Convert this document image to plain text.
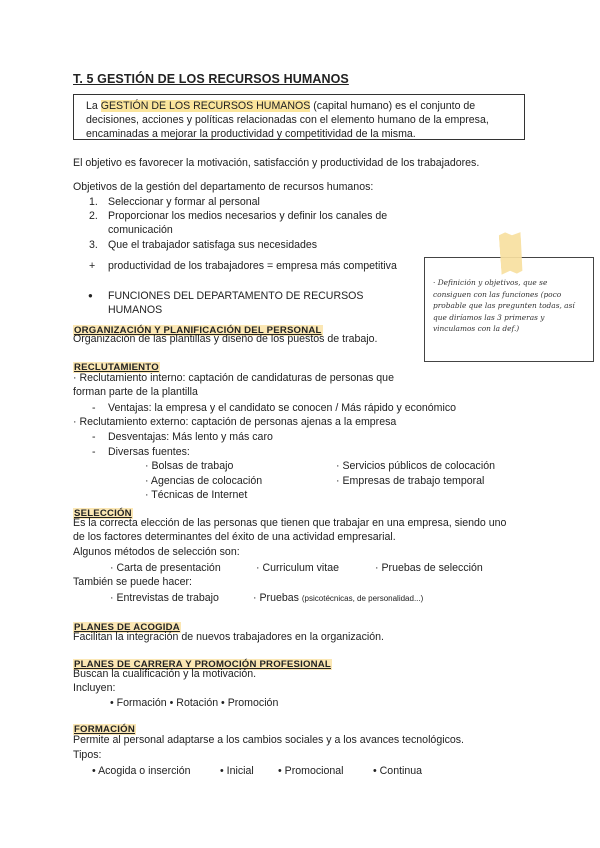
T. 5 GESTIÓN DE LOS RECURSOS HUMANOS
La GESTIÓN DE LOS RECURSOS HUMANOS (capital humano) es el conjunto de
decisiones, acciones y políticas relacionadas con el elemento humano de la empresa,
encaminadas a mejorar la productividad y competitividad de la misma.
El objetivo es favorecer la motivación, satisfacción y productividad de los trabajadores.
Objetivos de la gestión del departamento de recursos humanos:
1. Seleccionar y formar al personal
2. Proporcionar los medios necesarios y definir los canales de
comunicación
3. Que el trabajador satisfaga sus necesidades
+ productividad de los trabajadores = empresa más competitiva
● FUNCIONES DEL DEPARTAMENTO DE RECURSOS
HUMANOS
· Definición y objetivos, que se consiguen con las funciones (poco probable que las pregunten todas, así que diríamos las 3 primeras y vinculamos con la def.)
ORGANIZACIÓN Y PLANIFICACIÓN DEL PERSONAL
Organización de las plantillas y diseño de los puestos de trabajo.
RECLUTAMIENTO
· Reclutamiento interno: captación de candidaturas de personas que
forman parte de la plantilla
- Ventajas: la empresa y el candidato se conocen / Más rápido y económico
· Reclutamiento externo: captación de personas ajenas a la empresa
- Desventajas: Más lento y más caro
- Diversas fuentes:
· Bolsas de trabajo	· Servicios públicos de colocación
· Agencias de colocación	· Empresas de trabajo temporal
· Técnicas de Internet
SELECCIÓN
Es la correcta elección de las personas que tienen que trabajar en una empresa, siendo uno
de los factores determinantes del éxito de una actividad empresarial.
Algunos métodos de selección son:
· Carta de presentación	· Curriculum vitae	· Pruebas de selección
También se puede hacer:
· Entrevistas de trabajo	· Pruebas (psicotécnicas, de personalidad...)
PLANES DE ACOGIDA
Facilitan la integración de nuevos trabajadores en la organización.
PLANES DE CARRERA Y PROMOCIÓN PROFESIONAL
Buscan la cualificación y la motivación.
Incluyen:
• Formación • Rotación • Promoción
FORMACIÓN
Permite al personal adaptarse a los cambios sociales y a los avances tecnológicos.
Tipos:
• Acogida o inserción	• Inicial • Promocional	• Continua
